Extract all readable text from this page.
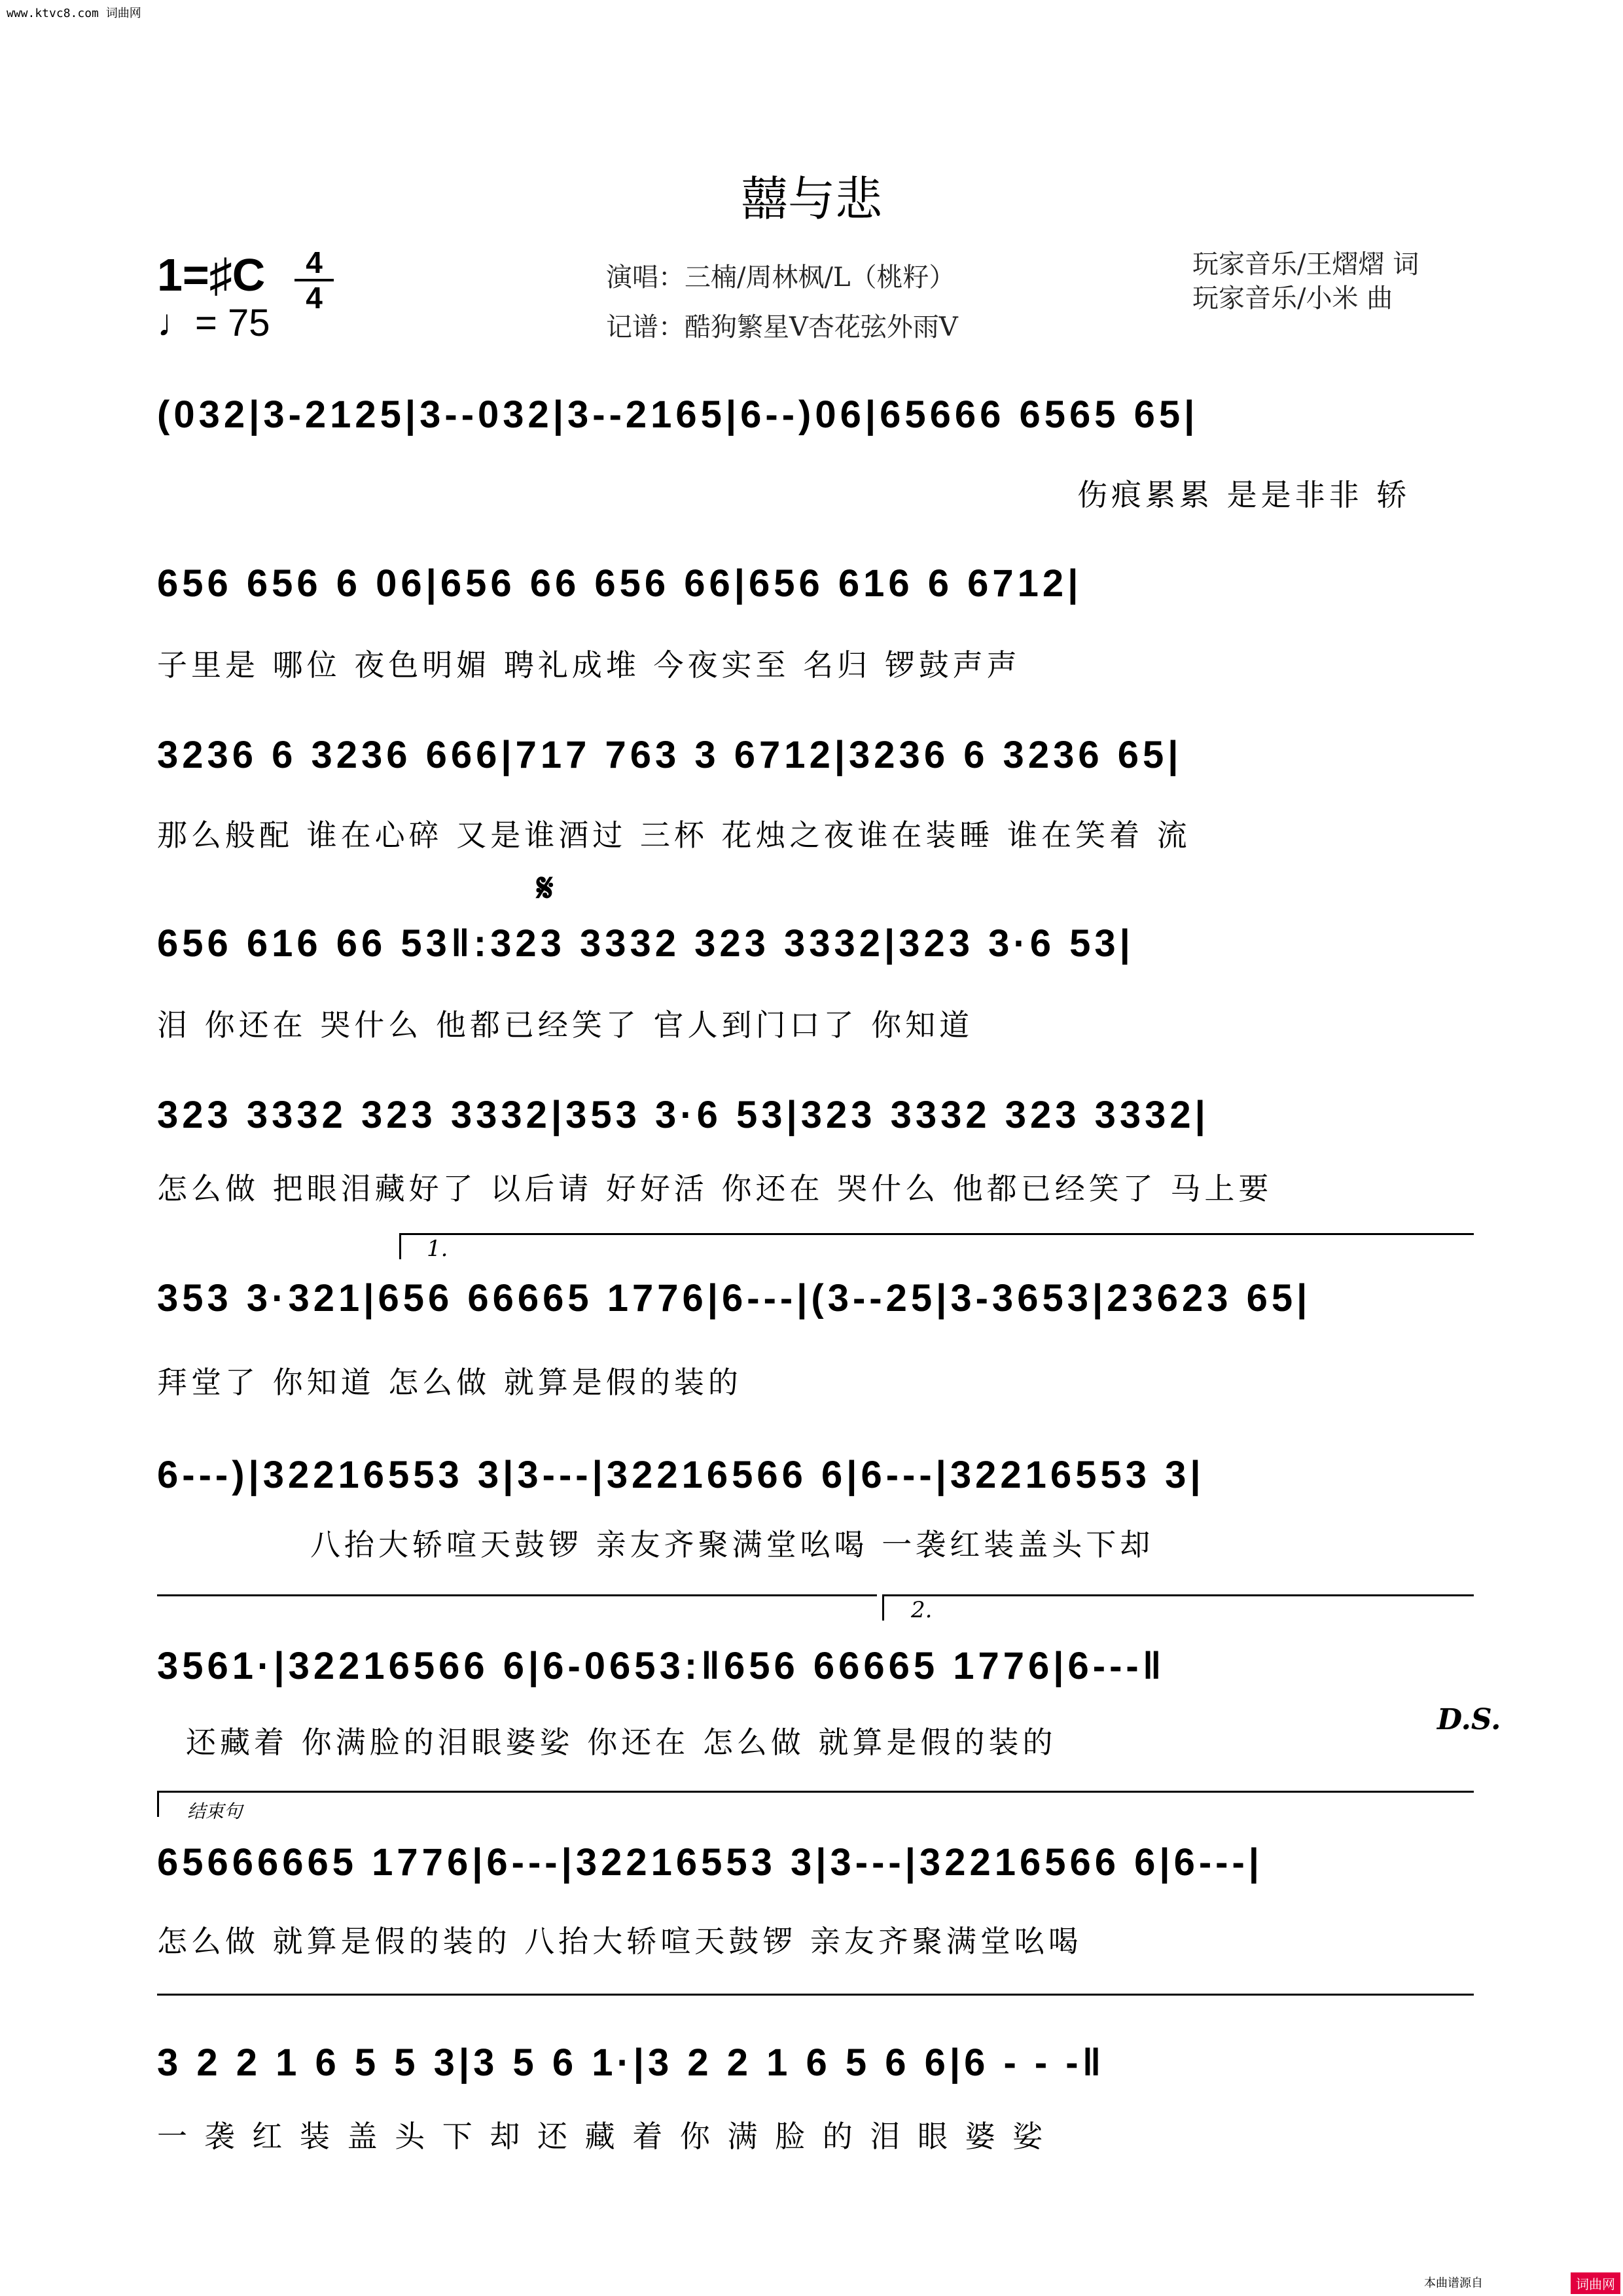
www.ktvc8.com 词曲网
囍与悲
1=♯C	4
4
♩= 75
演唱：三楠/周林枫/L（桃籽）
记谱：酷狗繁星V杏花弦外雨V
玩家音乐/王熠熠 词
玩家音乐/小米 曲
(032|3-2125|3--032|3--2165|6--)06|65666 6565 65|
伤痕累累 是是非非 轿
656 656 6 06|656 66 656 66|656 616 6 6712|
子里是 哪位 夜色明媚 聘礼成堆 今夜实至 名归 锣鼓声声
3236 6 3236 666|717 763 3 6712|3236 6 3236 65|
那么般配 谁在心碎 又是谁酒过 三杯 花烛之夜谁在装睡 谁在笑着 流
𝄋
656 616 66 53‖:323 3332 323 3332|323 3·6 53|
泪 你还在 哭什么 他都已经笑了 官人到门口了 你知道
323 3332 323 3332|353 3·6 53|323 3332 323 3332|
怎么做 把眼泪藏好了 以后请 好好活 你还在 哭什么 他都已经笑了 马上要
1.
353 3·321|656 66665 1776|6---|(3--25|3-3653|23623 65|
拜堂了 你知道 怎么做 就算是假的装的
6---)|32216553 3|3---|32216566 6|6---|32216553 3|
八抬大轿喧天鼓锣 亲友齐聚满堂吆喝 一袭红装盖头下却
2.
3561·|32216566 6|6-0653:‖656 66665 1776|6---‖
还藏着 你满脸的泪眼婆娑 你还在 怎么做 就算是假的装的
D.S.
结束句
65666665 1776|6---|32216553 3|3---|32216566 6|6---|
怎么做 就算是假的装的 八抬大轿喧天鼓锣 亲友齐聚满堂吆喝
3 2 2 1 6 5 5 3|3 5 6 1·|3 2 2 1 6 5 6 6|6 - - -‖
一 袭 红 装 盖 头 下 却 还 藏 着 你 满 脸 的 泪 眼 婆 娑
本曲谱源自	词曲网
